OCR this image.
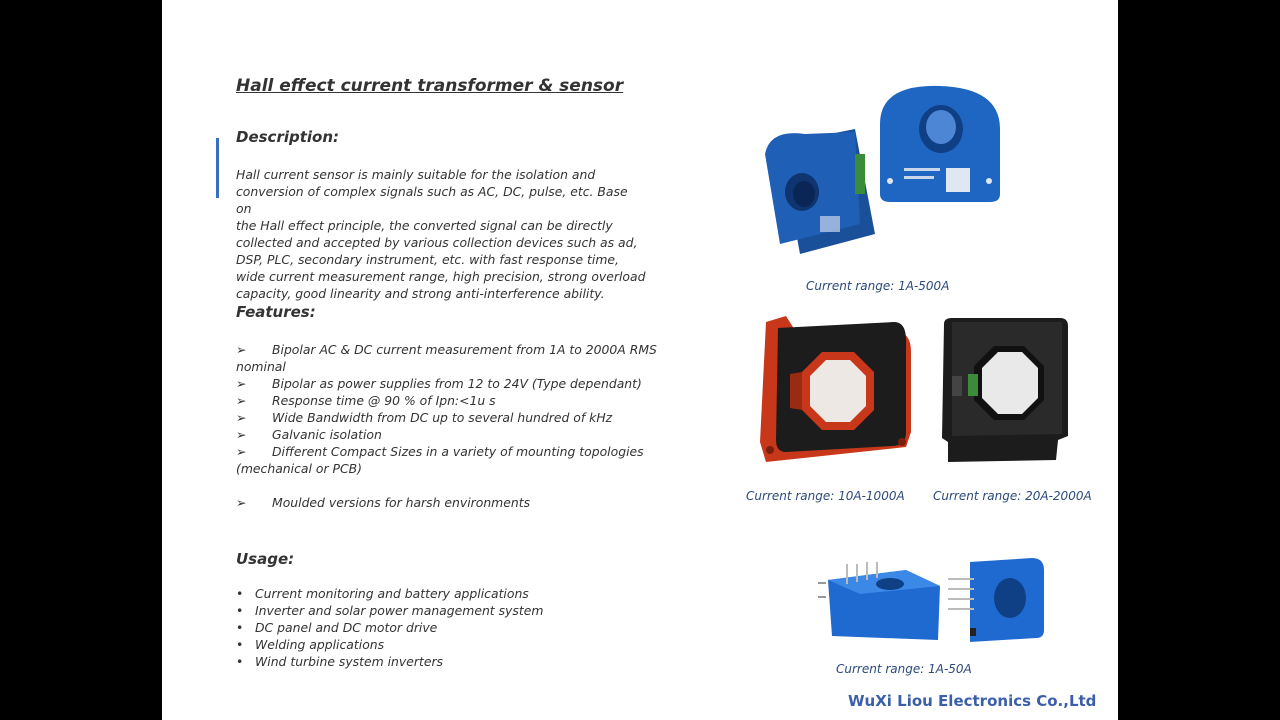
Hall effect current transformer & sensor
Description:
Hall current sensor is mainly suitable for the isolation and
conversion of complex signals such as AC, DC, pulse, etc. Base on
the Hall effect principle, the converted signal can be directly
collected and accepted by various collection devices such as ad,
DSP, PLC, secondary instrument, etc. with fast response time,
wide current measurement range, high precision, strong overload
capacity, good linearity and strong anti-interference ability.
Features:
➢ Bipolar AC & DC current measurement from 1A to 2000A RMS nominal
➢ Bipolar as power supplies from 12 to 24V (Type dependant)
➢ Response time @ 90 % of Ipn:<1u s
➢ Wide Bandwidth from DC up to several hundred of kHz
➢ Galvanic isolation
➢ Different Compact Sizes in a variety of mounting topologies (mechanical or PCB)
➢ Moulded versions for harsh environments
Usage:
• Current monitoring and battery applications
• Inverter and solar power management system
• DC panel and DC motor drive
• Welding applications
• Wind turbine system inverters
Current range: 1A-500A
Current range: 10A-1000A Current range: 20A-2000A
Current range: 1A-50A
WuXi Liou Electronics Co.,Ltd
